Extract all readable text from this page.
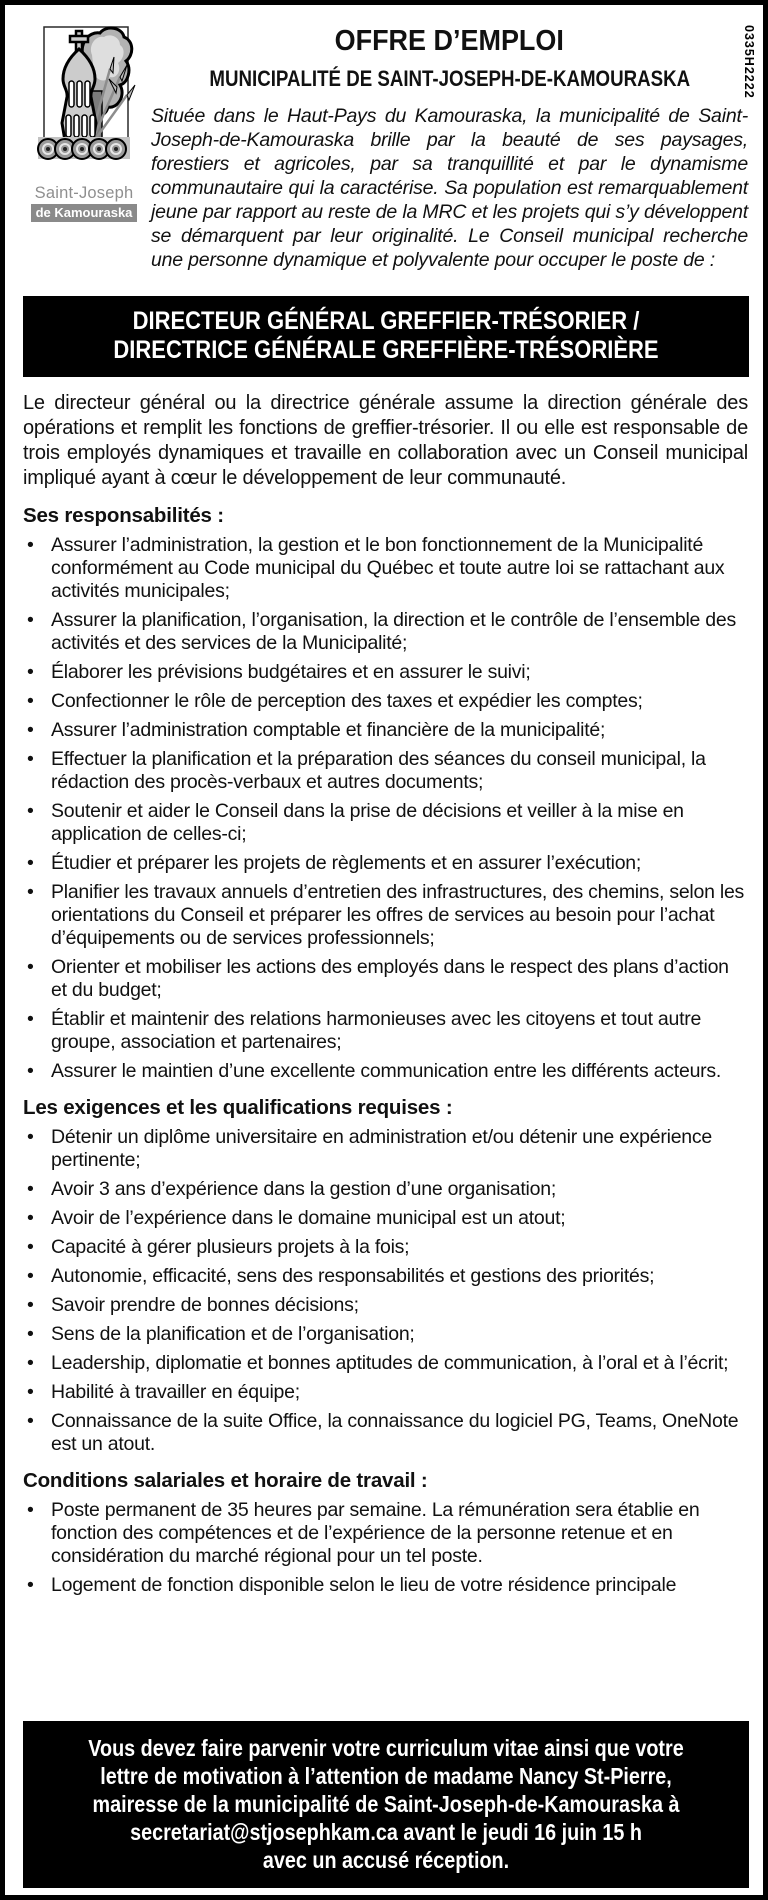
0335H2222
Saint-Joseph
de Kamouraska
OFFRE D’EMPLOI
MUNICIPALITÉ DE SAINT-JOSEPH-DE-KAMOURASKA
Située dans le Haut-Pays du Kamouraska, la municipalité de Saint-Joseph-de-Kamouraska brille par la beauté de ses paysages, forestiers et agricoles, par sa tranquillité et par le dynamisme communautaire qui la caractérise. Sa population est remarquablement jeune par rapport au reste de la MRC et les projets qui s’y développent se démarquent par leur originalité. Le Conseil municipal recherche une personne dynamique et polyvalente pour occuper le poste de :
DIRECTEUR GÉNÉRAL GREFFIER-TRÉSORIER /
DIRECTRICE GÉNÉRALE GREFFIÈRE-TRÉSORIÈRE
Le directeur général ou la directrice générale assume la direction générale des opérations et remplit les fonctions de greffier-trésorier. Il ou elle est responsable de trois employés dynamiques et travaille en collaboration avec un Conseil municipal impliqué ayant à cœur le développement de leur communauté.
Ses responsabilités :
• Assurer l’administration, la gestion et le bon fonctionnement de la Municipalité conformément au Code municipal du Québec et toute autre loi se rattachant aux activités municipales;
• Assurer la planification, l’organisation, la direction et le contrôle de l’ensemble des activités et des services de la Municipalité;
• Élaborer les prévisions budgétaires et en assurer le suivi;
• Confectionner le rôle de perception des taxes et expédier les comptes;
• Assurer l’administration comptable et financière de la municipalité;
• Effectuer la planification et la préparation des séances du conseil municipal, la rédaction des procès-verbaux et autres documents;
• Soutenir et aider le Conseil dans la prise de décisions et veiller à la mise en application de celles-ci;
• Étudier et préparer les projets de règlements et en assurer l’exécution;
• Planifier les travaux annuels d’entretien des infrastructures, des chemins, selon les orientations du Conseil et préparer les offres de services au besoin pour l’achat d’équipements ou de services professionnels;
• Orienter et mobiliser les actions des employés dans le respect des plans d’action et du budget;
• Établir et maintenir des relations harmonieuses avec les citoyens et tout autre groupe, association et partenaires;
• Assurer le maintien d’une excellente communication entre les différents acteurs.
Les exigences et les qualifications requises :
• Détenir un diplôme universitaire en administration et/ou détenir une expérience pertinente;
• Avoir 3 ans d’expérience dans la gestion d’une organisation;
• Avoir de l’expérience dans le domaine municipal est un atout;
• Capacité à gérer plusieurs projets à la fois;
• Autonomie, efficacité, sens des responsabilités et gestions des priorités;
• Savoir prendre de bonnes décisions;
• Sens de la planification et de l’organisation;
• Leadership, diplomatie et bonnes aptitudes de communication, à l’oral et à l’écrit;
• Habilité à travailler en équipe;
• Connaissance de la suite Office, la connaissance du logiciel PG, Teams, OneNote est un atout.
Conditions salariales et horaire de travail :
• Poste permanent de 35 heures par semaine. La rémunération sera établie en fonction des compétences et de l’expérience de la personne retenue et en considération du marché régional pour un tel poste.
• Logement de fonction disponible selon le lieu de votre résidence principale
Vous devez faire parvenir votre curriculum vitae ainsi que votre
lettre de motivation à l’attention de madame Nancy St-Pierre,
mairesse de la municipalité de Saint-Joseph-de-Kamouraska à
secretariat@stjosephkam.ca avant le jeudi 16 juin 15 h
avec un accusé réception.
